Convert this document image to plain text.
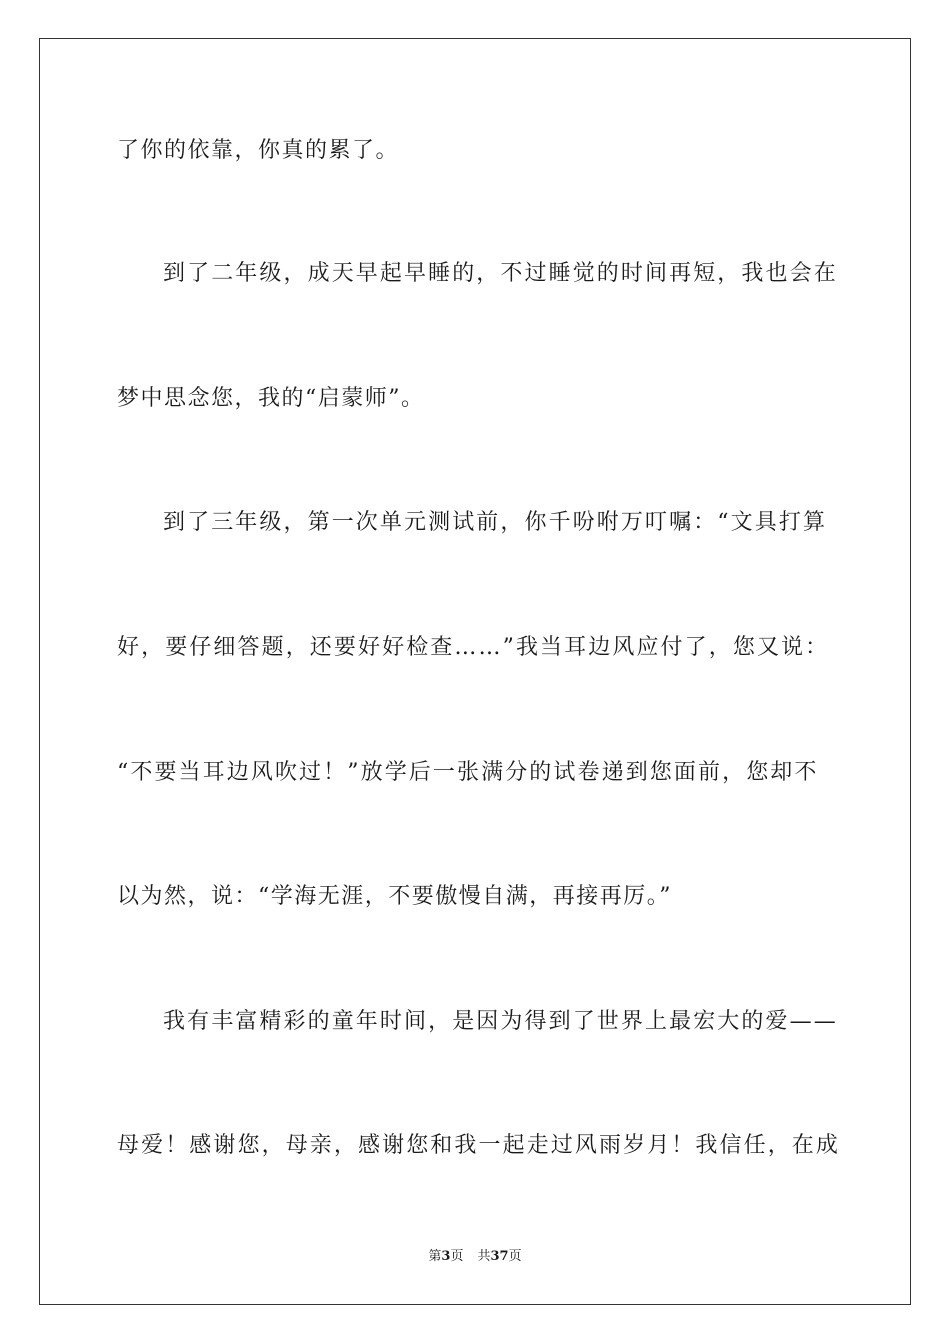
了你的依靠，你真的累了。
到了二年级，成天早起早睡的，不过睡觉的时间再短，我也会在
梦中思念您，我的“启蒙师”。
到了三年级，第一次单元测试前，你千吩咐万叮嘱：“文具打算
好，要仔细答题，还要好好检查……”我当耳边风应付了，您又说：
“不要当耳边风吹过！”放学后一张满分的试卷递到您面前，您却不
以为然，说：“学海无涯，不要傲慢自满，再接再厉。”
我有丰富精彩的童年时间，是因为得到了世界上最宏大的爱——
母爱！感谢您，母亲，感谢您和我一起走过风雨岁月！我信任，在成
第3页 共37页
